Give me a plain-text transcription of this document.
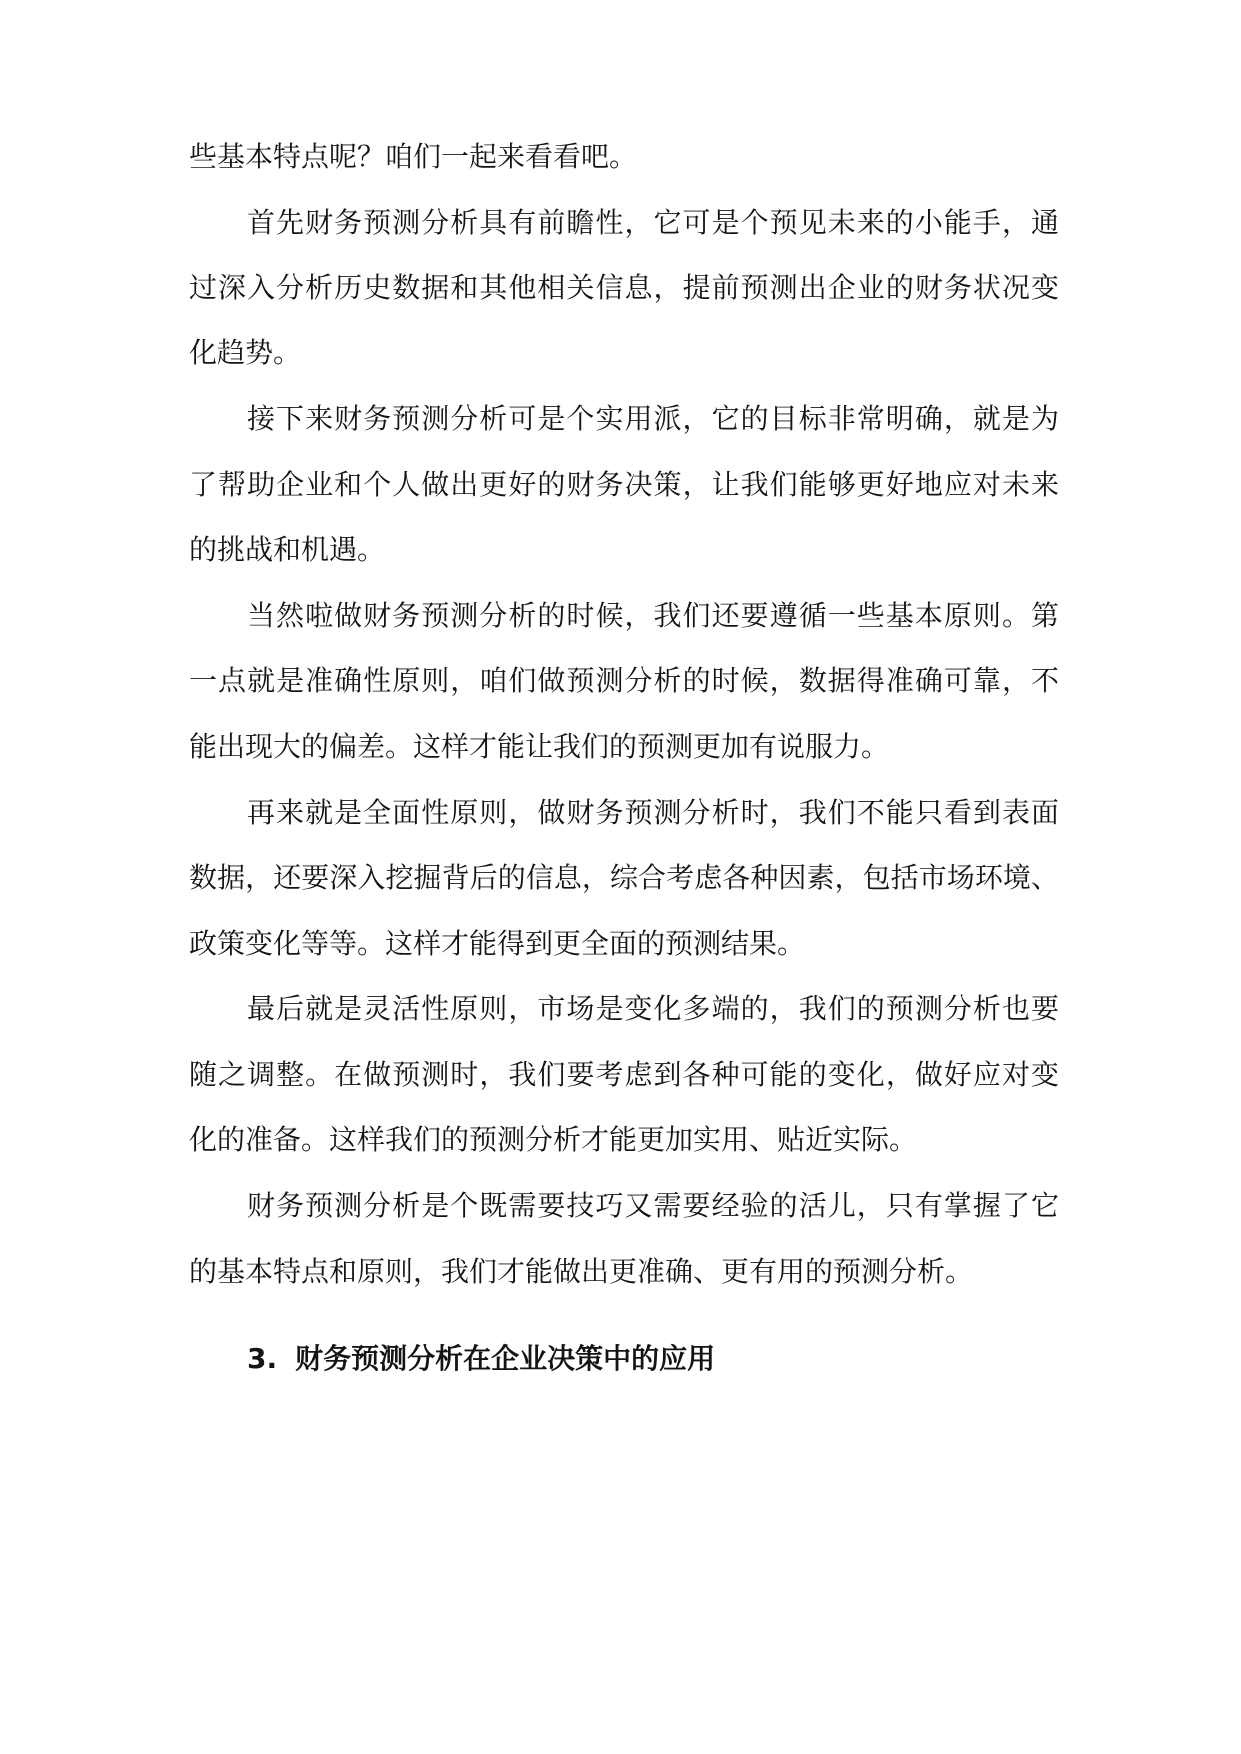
些基本特点呢？咱们一起来看看吧。
首先财务预测分析具有前瞻性，它可是个预见未来的小能手，通
过深入分析历史数据和其他相关信息，提前预测出企业的财务状况变
化趋势。
接下来财务预测分析可是个实用派，它的目标非常明确，就是为
了帮助企业和个人做出更好的财务决策，让我们能够更好地应对未来
的挑战和机遇。
当然啦做财务预测分析的时候，我们还要遵循一些基本原则。第
一点就是准确性原则，咱们做预测分析的时候，数据得准确可靠，不
能出现大的偏差。这样才能让我们的预测更加有说服力。
再来就是全面性原则，做财务预测分析时，我们不能只看到表面
数据，还要深入挖掘背后的信息，综合考虑各种因素，包括市场环境、
政策变化等等。这样才能得到更全面的预测结果。
最后就是灵活性原则，市场是变化多端的，我们的预测分析也要
随之调整。在做预测时，我们要考虑到各种可能的变化，做好应对变
化的准备。这样我们的预测分析才能更加实用、贴近实际。
财务预测分析是个既需要技巧又需要经验的活儿，只有掌握了它
的基本特点和原则，我们才能做出更准确、更有用的预测分析。
3. 财务预测分析在企业决策中的应用
